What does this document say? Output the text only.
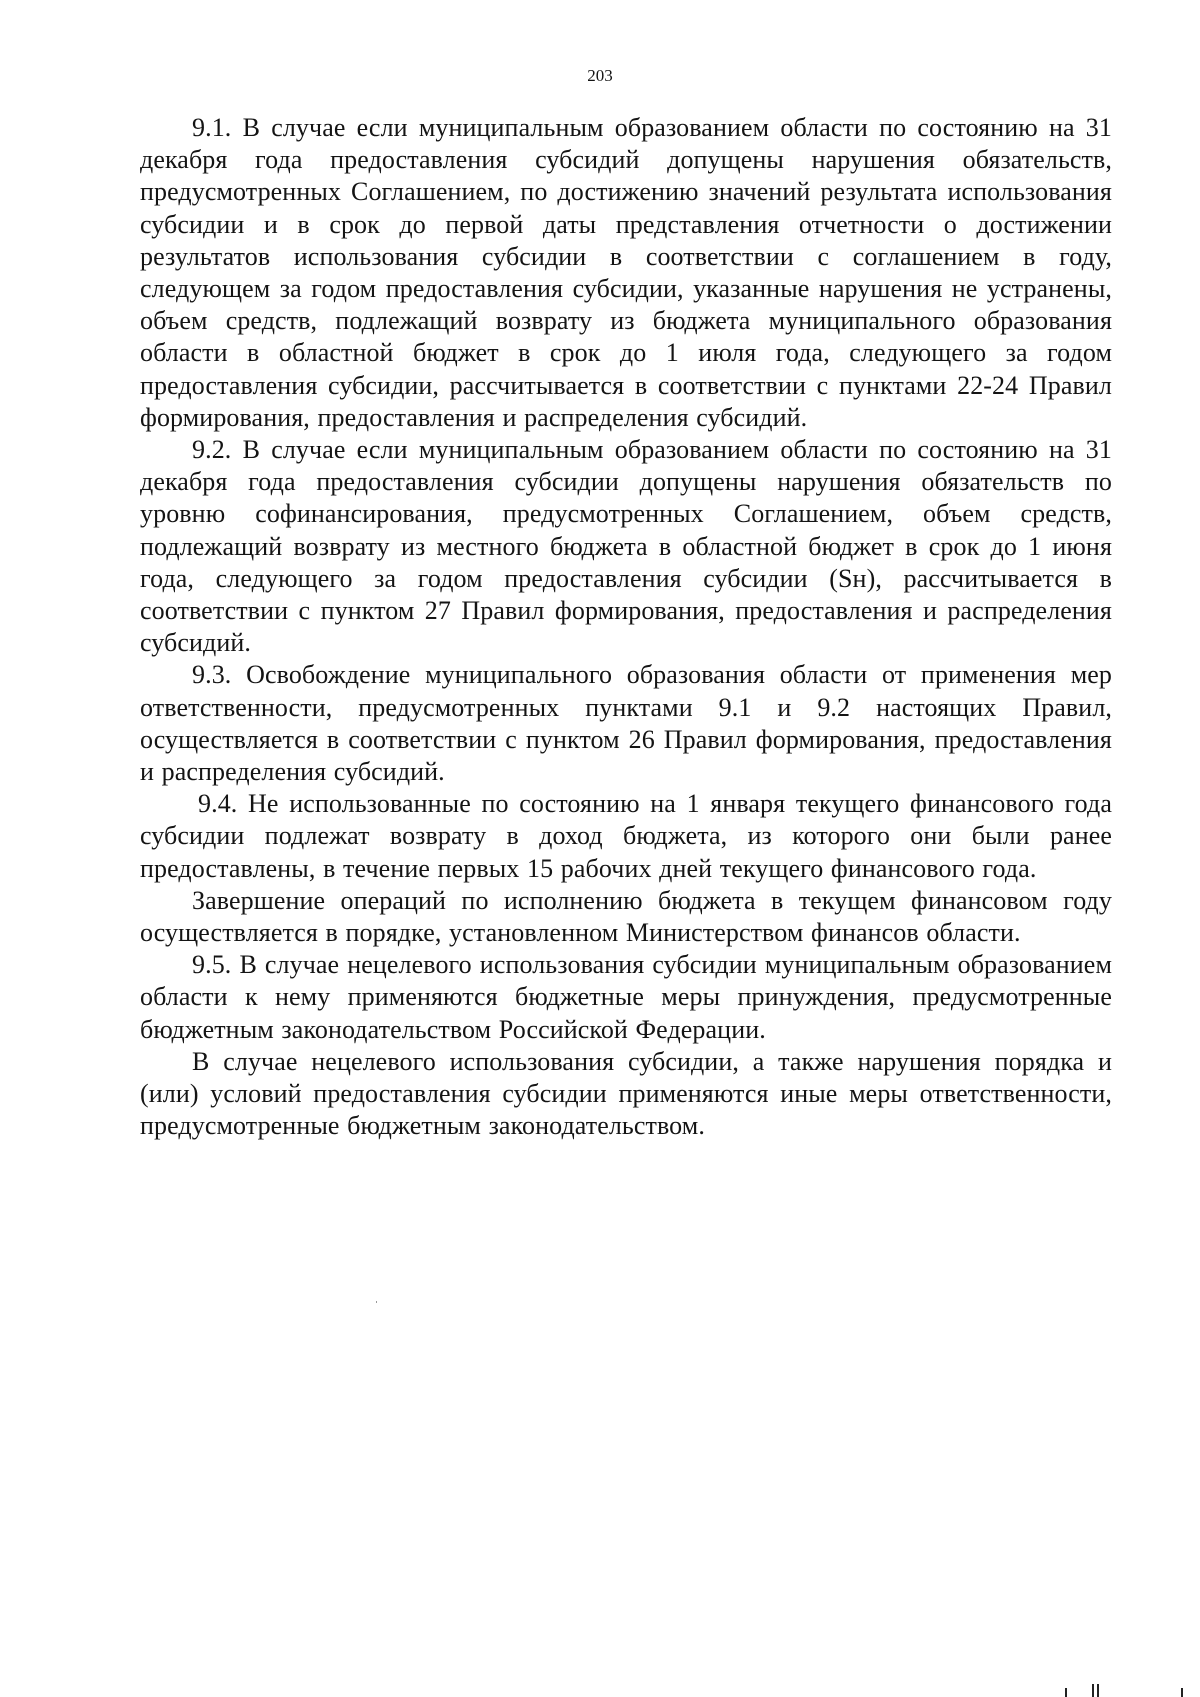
203

9.1. В случае если муниципальным образованием области по состоянию на 31 декабря года предоставления субсидий допущены нарушения обязательств, предусмотренных Соглашением, по достижению значений результата использования субсидии и в срок до первой даты представления отчетности о достижении результатов использования субсидии в соответствии с соглашением в году, следующем за годом предоставления субсидии, указанные нарушения не устранены, объем средств, подлежащий возврату из бюджета муниципального образования области в областной бюджет в срок до 1 июля года, следующего за годом предоставления субсидии, рассчитывается в соответствии с пунктами 22-24 Правил формирования, предоставления и распределения субсидий.

9.2. В случае если муниципальным образованием области по состоянию на 31 декабря года предоставления субсидии допущены нарушения обязательств по уровню софинансирования, предусмотренных Соглашением, объем средств, подлежащий возврату из местного бюджета в областной бюджет в срок до 1 июня года, следующего за годом предоставления субсидии (Sн), рассчитывается в соответствии с пунктом 27 Правил формирования, предоставления и распределения субсидий.

9.3. Освобождение муниципального образования области от применения мер ответственности, предусмотренных пунктами 9.1 и 9.2 настоящих Правил, осуществляется в соответствии с пунктом 26 Правил формирования, предоставления и распределения субсидий.

9.4. Не использованные по состоянию на 1 января текущего финансового года субсидии подлежат возврату в доход бюджета, из которого они были ранее предоставлены, в течение первых 15 рабочих дней текущего финансового года.

Завершение операций по исполнению бюджета в текущем финансовом году осуществляется в порядке, установленном Министерством финансов области.

9.5. В случае нецелевого использования субсидии муниципальным образованием области к нему применяются бюджетные меры принуждения, предусмотренные бюджетным законодательством Российской Федерации.

В случае нецелевого использования субсидии, а также нарушения порядка и (или) условий предоставления субсидии применяются иные меры ответственности, предусмотренные бюджетным законодательством.
